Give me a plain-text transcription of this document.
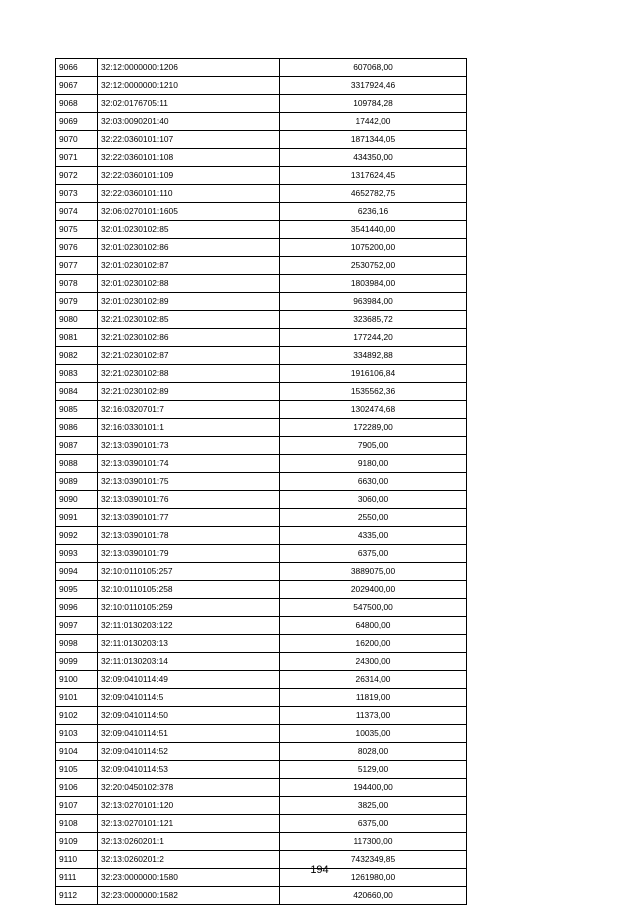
9066	32:12:0000000:1206	607068,00
9067	32:12:0000000:1210	3317924,46
9068	32:02:0176705:11	109784,28
9069	32:03:0090201:40	17442,00
9070	32:22:0360101:107	1871344,05
9071	32:22:0360101:108	434350,00
9072	32:22:0360101:109	1317624,45
9073	32:22:0360101:110	4652782,75
9074	32:06:0270101:1605	6236,16
9075	32:01:0230102:85	3541440,00
9076	32:01:0230102:86	1075200,00
9077	32:01:0230102:87	2530752,00
9078	32:01:0230102:88	1803984,00
9079	32:01:0230102:89	963984,00
9080	32:21:0230102:85	323685,72
9081	32:21:0230102:86	177244,20
9082	32:21:0230102:87	334892,88
9083	32:21:0230102:88	1916106,84
9084	32:21:0230102:89	1535562,36
9085	32:16:0320701:7	1302474,68
9086	32:16:0330101:1	172289,00
9087	32:13:0390101:73	7905,00
9088	32:13:0390101:74	9180,00
9089	32:13:0390101:75	6630,00
9090	32:13:0390101:76	3060,00
9091	32:13:0390101:77	2550,00
9092	32:13:0390101:78	4335,00
9093	32:13:0390101:79	6375,00
9094	32:10:0110105:257	3889075,00
9095	32:10:0110105:258	2029400,00
9096	32:10:0110105:259	547500,00
9097	32:11:0130203:122	64800,00
9098	32:11:0130203:13	16200,00
9099	32:11:0130203:14	24300,00
9100	32:09:0410114:49	26314,00
9101	32:09:0410114:5	11819,00
9102	32:09:0410114:50	11373,00
9103	32:09:0410114:51	10035,00
9104	32:09:0410114:52	8028,00
9105	32:09:0410114:53	5129,00
9106	32:20:0450102:378	194400,00
9107	32:13:0270101:120	3825,00
9108	32:13:0270101:121	6375,00
9109	32:13:0260201:1	117300,00
9110	32:13:0260201:2	7432349,85
9111	32:23:0000000:1580	1261980,00
9112	32:23:0000000:1582	420660,00
194
